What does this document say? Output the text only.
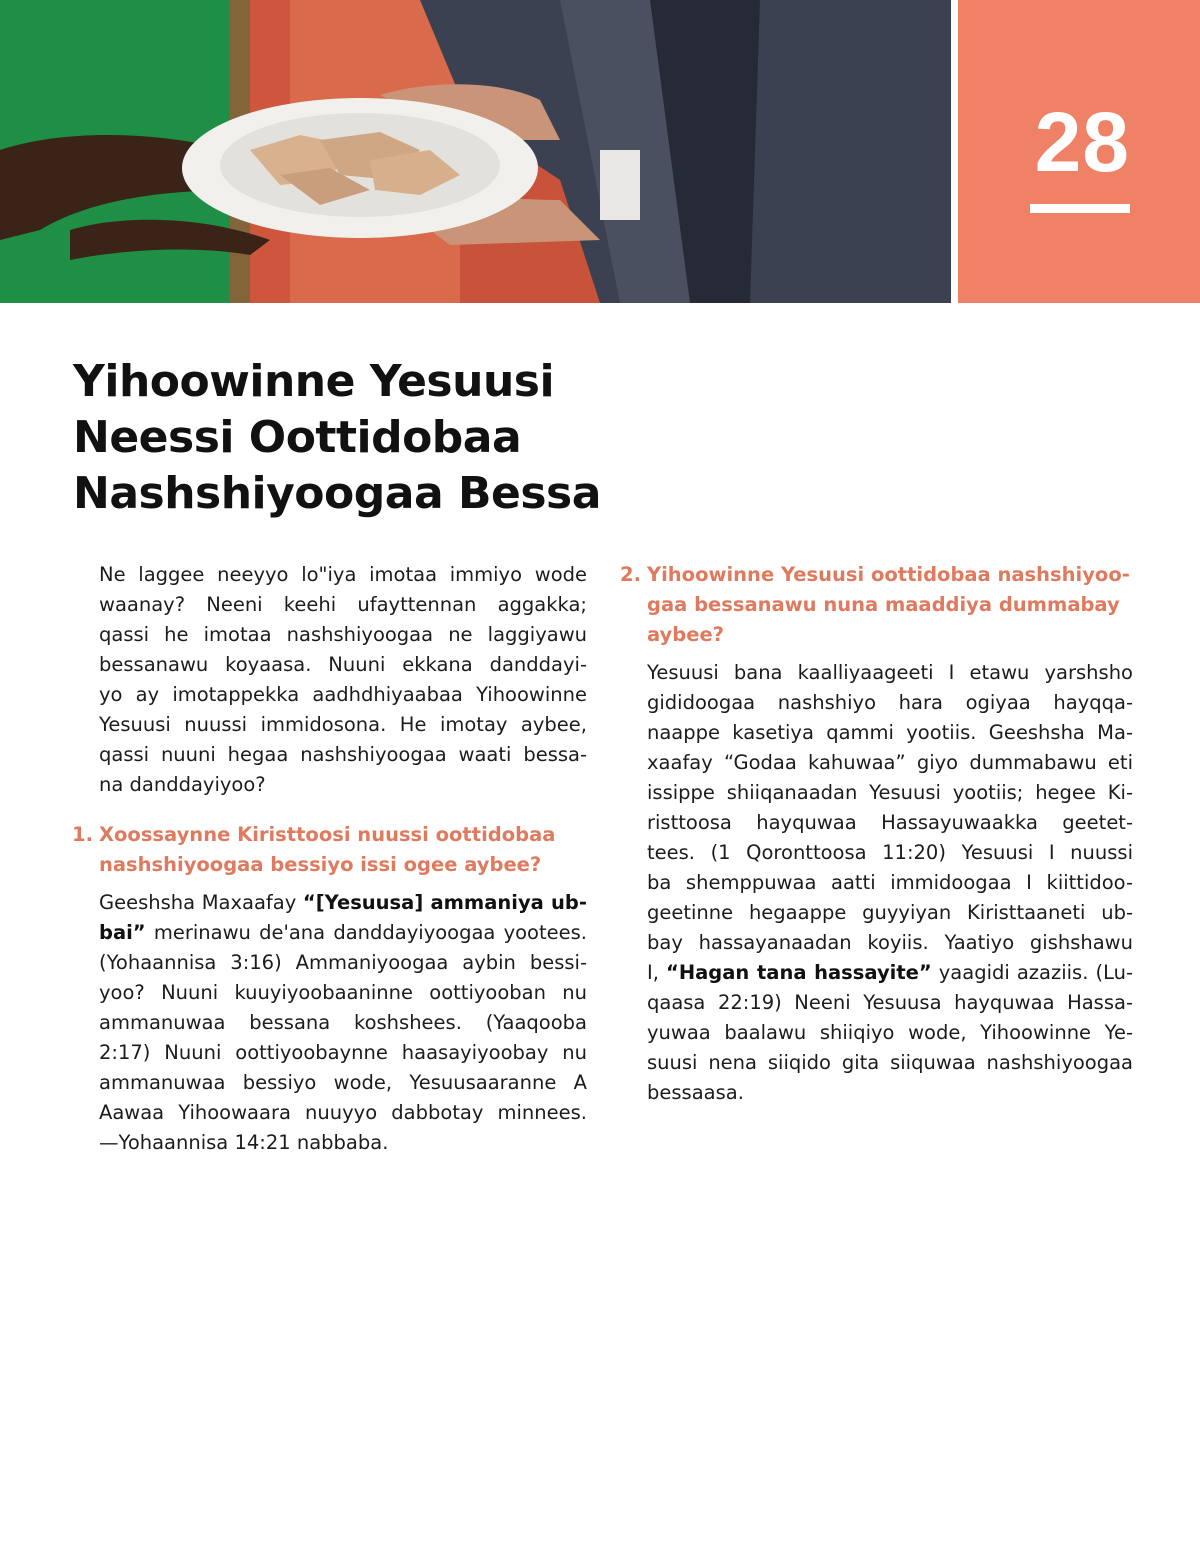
28
Yihoowinne Yesuusi
Neessi Oottidobaa
Nashshiyoogaa Bessa

Ne laggee neeyyo lo"iya imotaa immiyo wode
waanay? Neeni keehi ufayttennan aggakka;
qassi he imotaa nashshiyoogaa ne laggiyawu
bessanawu koyaasa. Nuuni ekkana danddayi-
yo ay imotappekka aadhdhiyaabaa Yihoowinne
Yesuusi nuussi immidosona. He imotay aybee,
qassi nuuni hegaa nashshiyoogaa waati bessa-
na danddayiyoo?

1. Xoossaynne Kiristtoosi nuussi oottidobaa
nashshiyoogaa bessiyo issi ogee aybee?

Geeshsha Maxaafay “[Yesuusa] ammaniya ub-
bai” merinawu de'ana danddayiyoogaa yootees.
(Yohaannisa 3:16) Ammaniyoogaa aybin bessi-
yoo? Nuuni kuuyiyoobaaninne oottiyooban nu
ammanuwaa bessana koshshees. (Yaaqooba
2:17) Nuuni oottiyoobaynne haasayiyoobay nu
ammanuwaa bessiyo wode, Yesuusaaranne A
Aawaa Yihoowaara nuuyyo dabbotay minnees.
—Yohaannisa 14:21 nabbaba.

2. Yihoowinne Yesuusi oottidobaa nashshiyoo-
gaa bessanawu nuna maaddiya dummabay
aybee?

Yesuusi bana kaalliyaageeti I etawu yarshsho
gididoogaa nashshiyo hara ogiyaa hayqqa-
naappe kasetiya qammi yootiis. Geeshsha Ma-
xaafay “Godaa kahuwaa” giyo dummabawu eti
issippe shiiqanaadan Yesuusi yootiis; hegee Ki-
risttoosa hayquwaa Hassayuwaakka geetet-
tees. (1 Qoronttoosa 11:20) Yesuusi I nuussi
ba shemppuwaa aatti immidoogaa I kiittidoo-
geetinne hegaappe guyyiyan Kiristtaaneti ub-
bay hassayanaadan koyiis. Yaatiyo gishshawu
I, “Hagan tana hassayite” yaagidi azaziis. (Lu-
qaasa 22:19) Neeni Yesuusa hayquwaa Hassa-
yuwaa baalawu shiiqiyo wode, Yihoowinne Ye-
suusi nena siiqido gita siiquwaa nashshiyoogaa
bessaasa.
